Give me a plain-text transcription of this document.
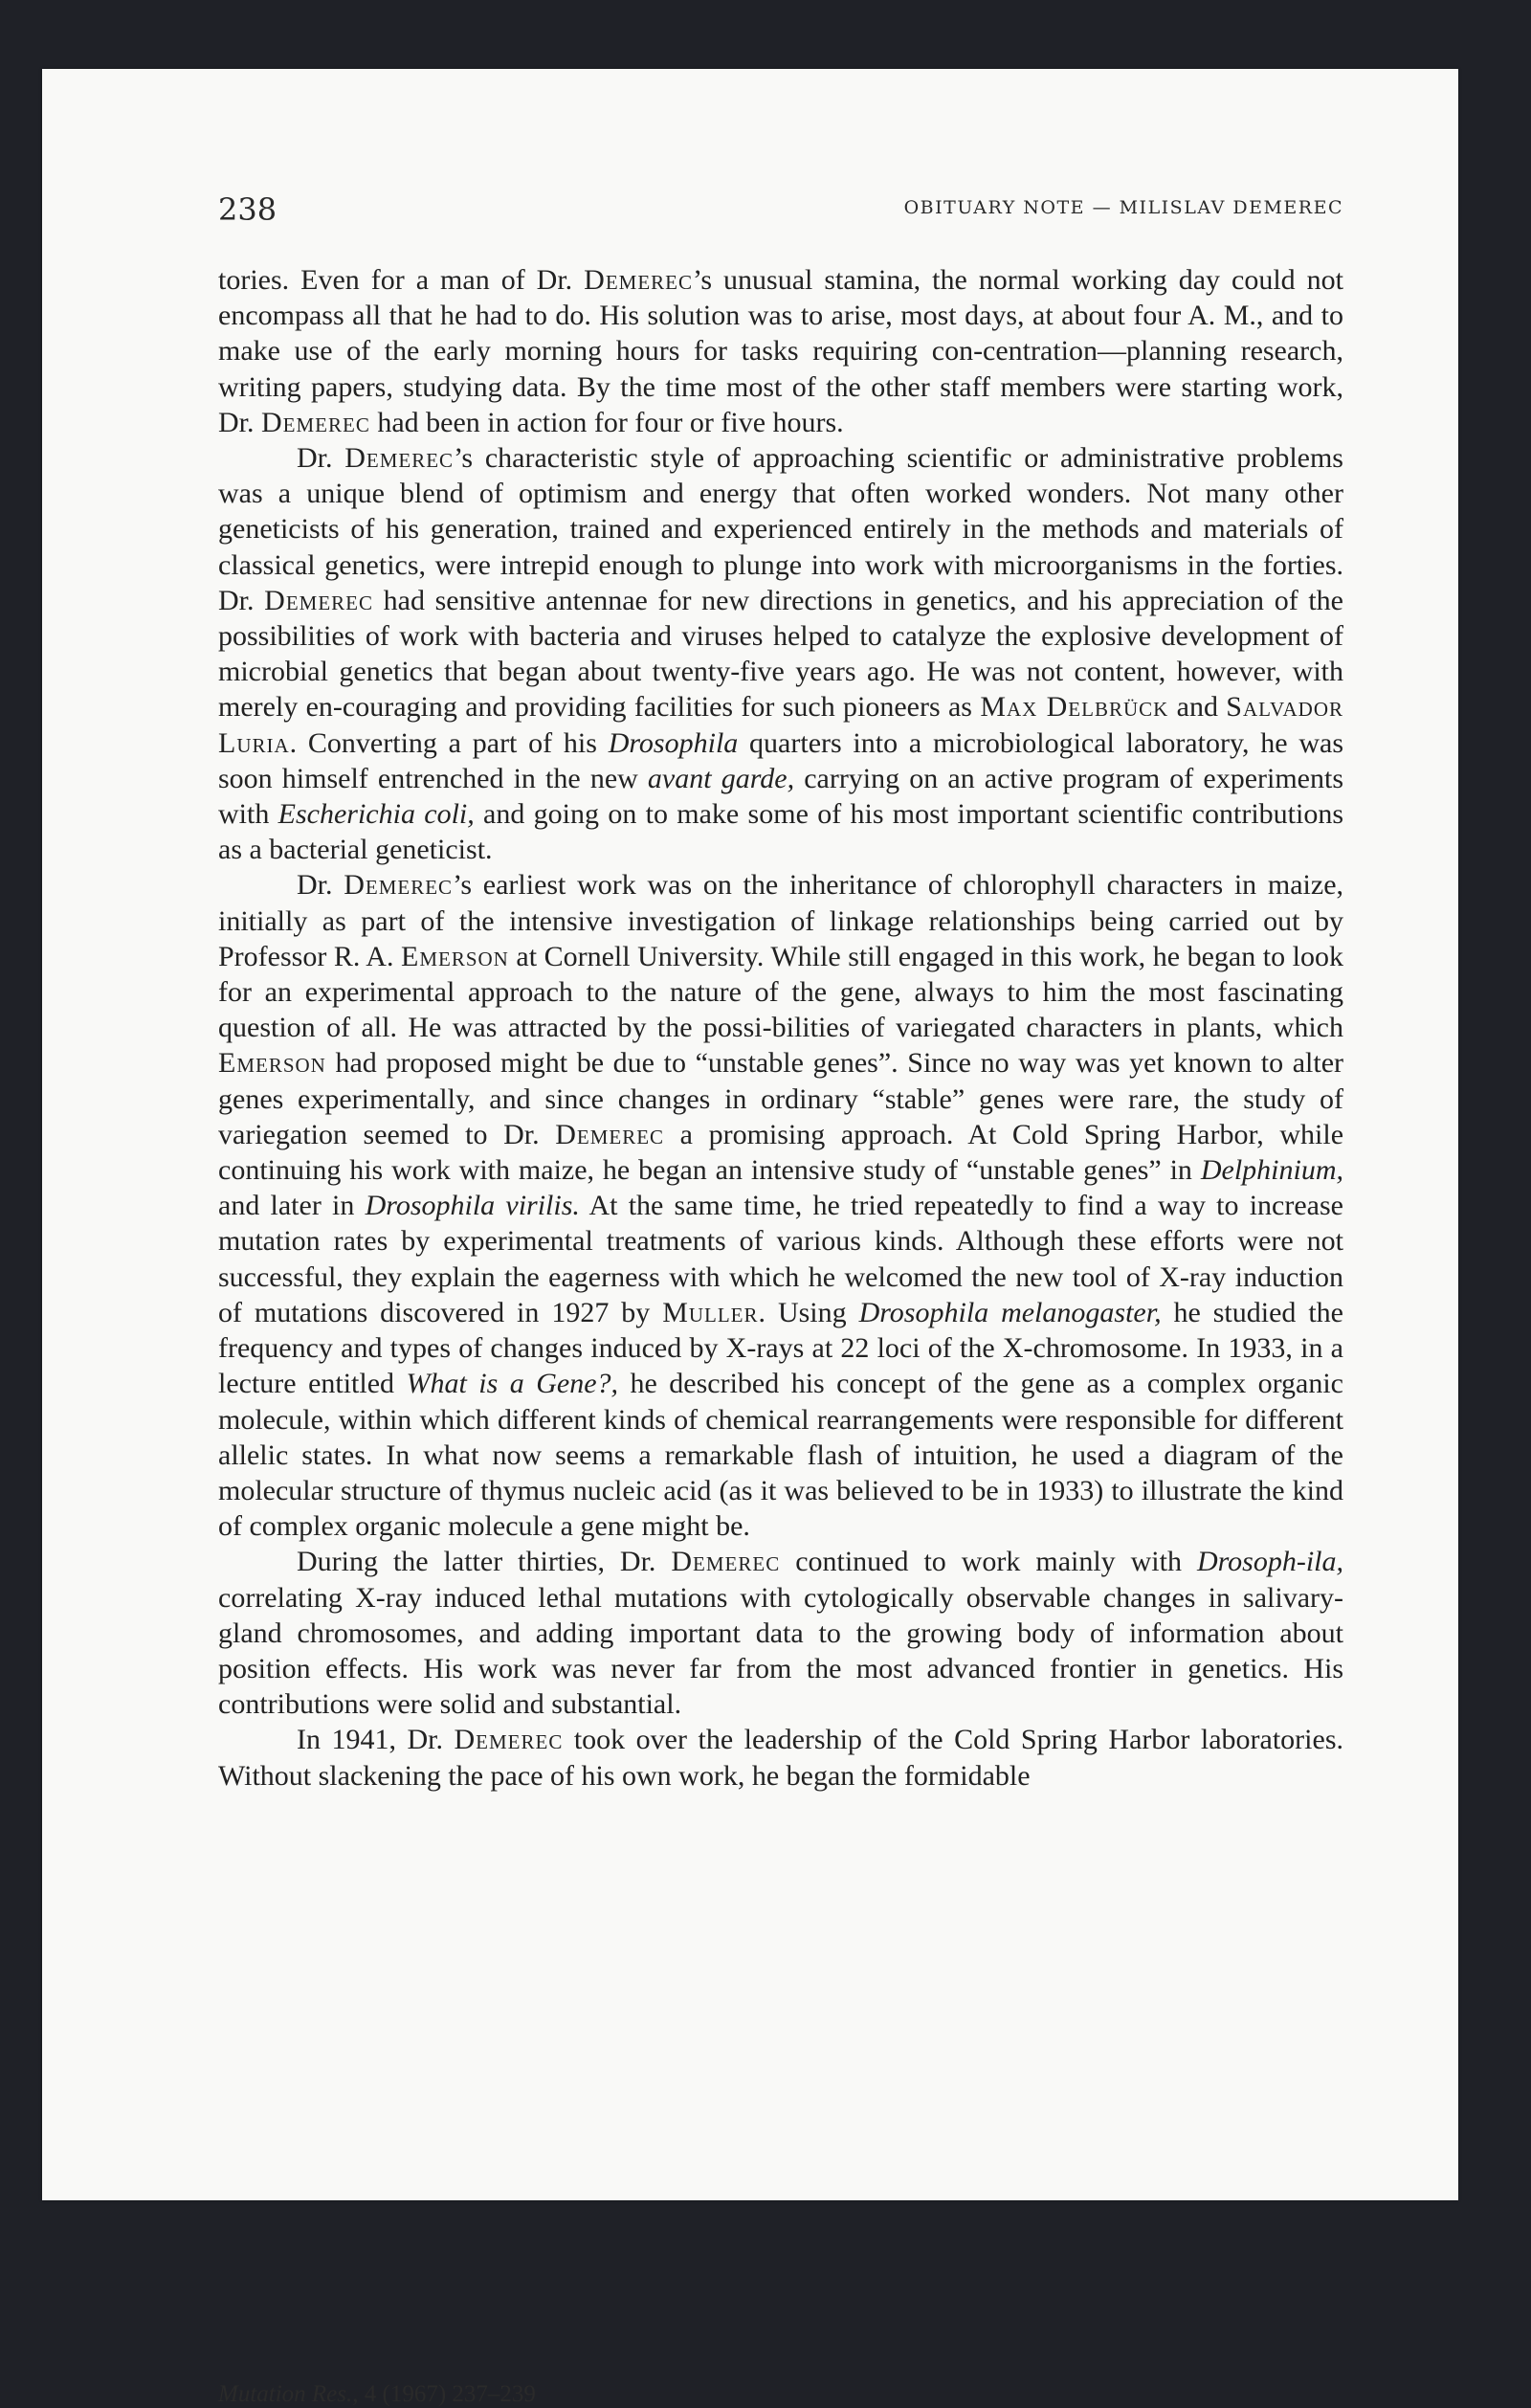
238	OBITUARY NOTE — MILISLAV DEMEREC

tories. Even for a man of Dr. Demerec’s unusual stamina, the normal working day could not encompass all that he had to do. His solution was to arise, most days, at about four A. M., and to make use of the early morning hours for tasks requiring con-centration—planning research, writing papers, studying data. By the time most of the other staff members were starting work, Dr. Demerec had been in action for four or five hours.

Dr. Demerec’s characteristic style of approaching scientific or administrative problems was a unique blend of optimism and energy that often worked wonders. Not many other geneticists of his generation, trained and experienced entirely in the methods and materials of classical genetics, were intrepid enough to plunge into work with microorganisms in the forties. Dr. Demerec had sensitive antennae for new directions in genetics, and his appreciation of the possibilities of work with bacteria and viruses helped to catalyze the explosive development of microbial genetics that began about twenty-five years ago. He was not content, however, with merely en-couraging and providing facilities for such pioneers as Max Delbrück and Salvador Luria. Converting a part of his Drosophila quarters into a microbiological laboratory, he was soon himself entrenched in the new avant garde, carrying on an active program of experiments with Escherichia coli, and going on to make some of his most important scientific contributions as a bacterial geneticist.

Dr. Demerec’s earliest work was on the inheritance of chlorophyll characters in maize, initially as part of the intensive investigation of linkage relationships being carried out by Professor R. A. Emerson at Cornell University. While still engaged in this work, he began to look for an experimental approach to the nature of the gene, always to him the most fascinating question of all. He was attracted by the possi-bilities of variegated characters in plants, which Emerson had proposed might be due to “unstable genes”. Since no way was yet known to alter genes experimentally, and since changes in ordinary “stable” genes were rare, the study of variegation seemed to Dr. Demerec a promising approach. At Cold Spring Harbor, while continuing his work with maize, he began an intensive study of “unstable genes” in Delphinium, and later in Drosophila virilis. At the same time, he tried repeatedly to find a way to increase mutation rates by experimental treatments of various kinds. Although these efforts were not successful, they explain the eagerness with which he welcomed the new tool of X-ray induction of mutations discovered in 1927 by Muller. Using Drosophila melanogaster, he studied the frequency and types of changes induced by X-rays at 22 loci of the X-chromosome. In 1933, in a lecture entitled What is a Gene?, he described his concept of the gene as a complex organic molecule, within which different kinds of chemical rearrangements were responsible for different allelic states. In what now seems a remarkable flash of intuition, he used a diagram of the molecular structure of thymus nucleic acid (as it was believed to be in 1933) to illustrate the kind of complex organic molecule a gene might be.

During the latter thirties, Dr. Demerec continued to work mainly with Drosoph-ila, correlating X-ray induced lethal mutations with cytologically observable changes in salivary-gland chromosomes, and adding important data to the growing body of information about position effects. His work was never far from the most advanced frontier in genetics. His contributions were solid and substantial.

In 1941, Dr. Demerec took over the leadership of the Cold Spring Harbor laboratories. Without slackening the pace of his own work, he began the formidable

Mutation Res., 4 (1967) 237–239
